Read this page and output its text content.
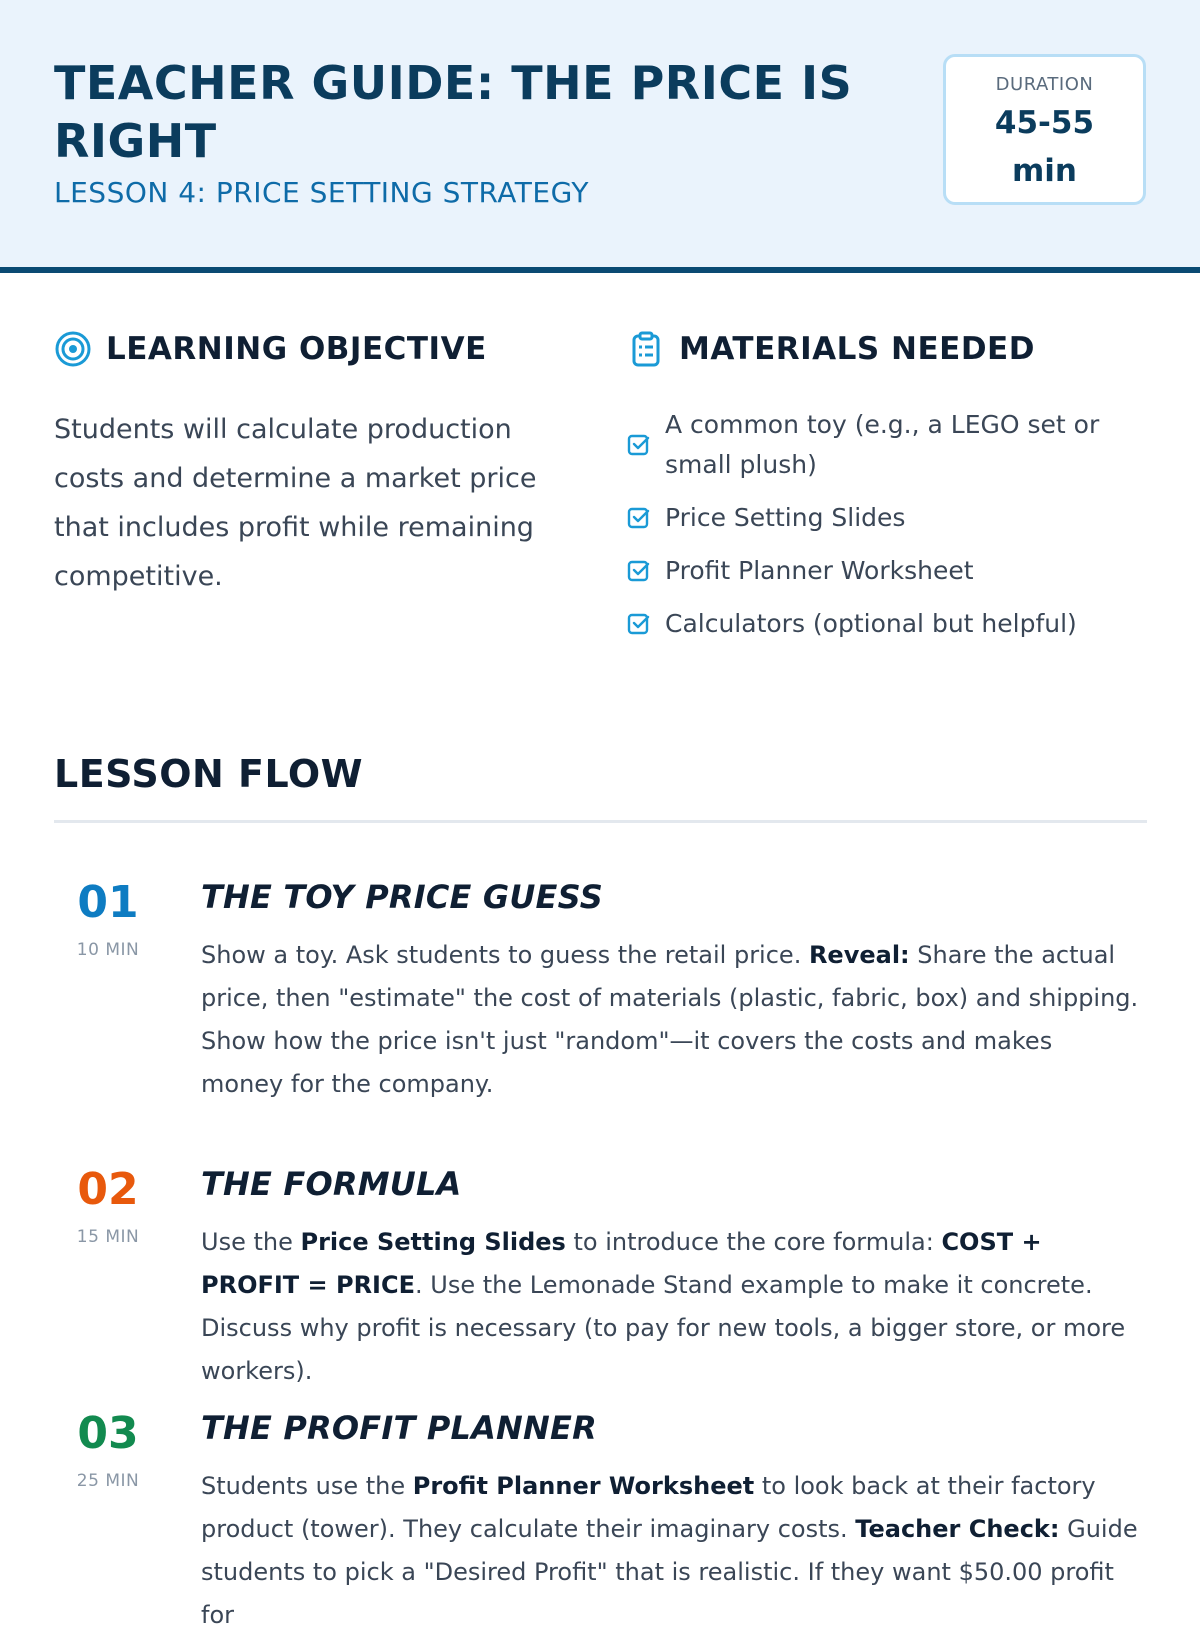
TEACHER GUIDE: THE PRICE IS RIGHT
LESSON 4: PRICE SETTING STRATEGY
DURATION
45-55 min
LEARNING OBJECTIVE

Students will calculate production costs and determine a market price that includes profit while remaining competitive.

MATERIALS NEEDED
A common toy (e.g., a LEGO set or small plush)
Price Setting Slides
Profit Planner Worksheet
Calculators (optional but helpful)
LESSON FLOW
01
10 MIN
THE TOY PRICE GUESS

Show a toy. Ask students to guess the retail price. Reveal: Share the actual price, then "estimate" the cost of materials (plastic, fabric, box) and shipping. Show how the price isn't just "random"—it covers the costs and makes money for the company.

02
15 MIN
THE FORMULA

Use the Price Setting Slides to introduce the core formula: COST + PROFIT = PRICE. Use the Lemonade Stand example to make it concrete. Discuss why profit is necessary (to pay for new tools, a bigger store, or more workers).

03
25 MIN
THE PROFIT PLANNER

Students use the Profit Planner Worksheet to look back at their factory product (tower). They calculate their imaginary costs. Teacher Check: Guide students to pick a "Desired Profit" that is realistic. If they want $50.00 profit for
